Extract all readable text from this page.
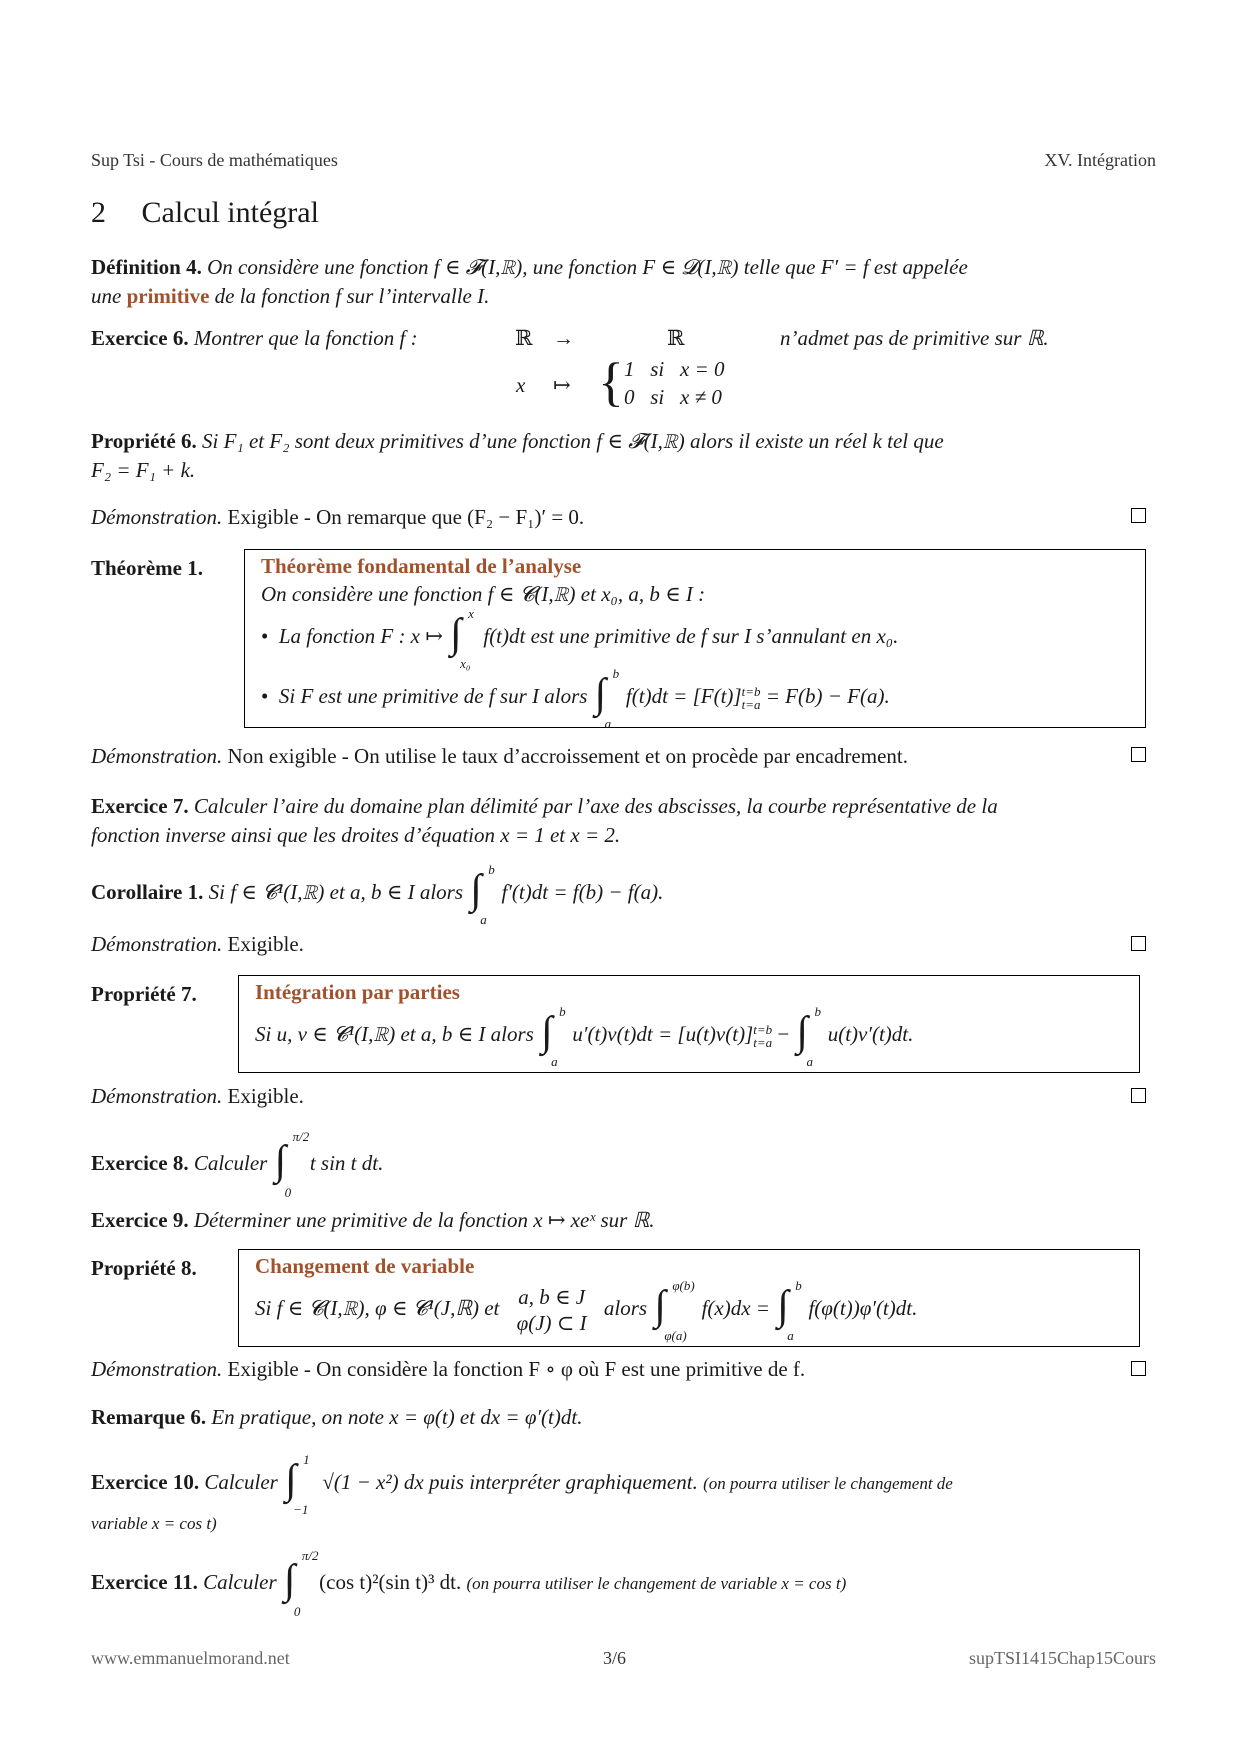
Sup Tsi - Cours de mathématiques	XV. Intégration
2 Calcul intégral
Définition 4. On considère une fonction f ∈ 𝓕(I,ℝ), une fonction F ∈ 𝓓(I,ℝ) telle que F′ = f est appelée
une primitive de la fonction f sur l’intervalle I.
Exercice 6. Montrer que la fonction f :	ℝ →	ℝ	n’admet pas de primitive sur ℝ.
x ↦ { 1   si   x = 0
0   si   x ≠ 0
Propriété 6. Si F₁ et F₂ sont deux primitives d’une fonction f ∈ 𝓕(I,ℝ) alors il existe un réel k tel que
F₂ = F₁ + k.
Démonstration. Exigible - On remarque que (F₂ − F₁)′ = 0.
Théorème 1.	Théorème fondamental de l’analyse
On considère une fonction f ∈ 𝓒(I,ℝ) et x₀, a, b ∈ I :
• La fonction F : x ↦ ∫ x
x₀
f(t)dt est une primitive de f sur I s’annulant en x₀.
• Si F est une primitive de f sur I alors ∫ b
a
f(t)dt = [F(t)]t=b
t=a = F(b) − F(a).
Démonstration. Non exigible - On utilise le taux d’accroissement et on procède par encadrement.
Exercice 7. Calculer l’aire du domaine plan délimité par l’axe des abscisses, la courbe représentative de la
fonction inverse ainsi que les droites d’équation x = 1 et x = 2.
Corollaire 1. Si f ∈ 𝓒¹(I,ℝ) et a, b ∈ I alors ∫ b
a
f′(t)dt = f(b) − f(a).
Démonstration. Exigible.
Propriété 7.	Intégration par parties
Si u, v ∈ 𝓒¹(I,ℝ) et a, b ∈ I alors ∫ b
a
u′(t)v(t)dt = [u(t)v(t)]t=b
t=a − ∫ b
a
u(t)v′(t)dt.
Démonstration. Exigible.
Exercice 8. Calculer ∫
π/2
0
t sin t dt.
Exercice 9. Déterminer une primitive de la fonction x ↦ xeˣ sur ℝ.
Propriété 8.	Changement de variable
Si f ∈ 𝓒(I,ℝ), φ ∈ 𝓒¹(J,ℝ) et a, b ∈ J
φ(J) ⊂ I alors ∫ φ(b)
φ(a)
f(x)dx = ∫ b
a
f(φ(t))φ′(t)dt.
Démonstration. Exigible - On considère la fonction F ∘ φ où F est une primitive de f.
Remarque 6. En pratique, on note x = φ(t) et dx = φ′(t)dt.
Exercice 10. Calculer ∫ 1
−1
√(1 − x²) dx puis interpréter graphiquement. (on pourra utiliser le changement de
variable x = cos t)
Exercice 11. Calculer ∫
π/2
0
(cos t)²(sin t)³ dt. (on pourra utiliser le changement de variable x = cos t)
www.emmanuelmorand.net	3/6	supTSI1415Chap15Cours
